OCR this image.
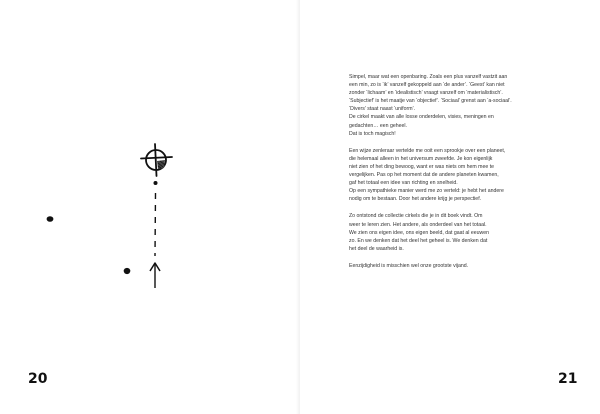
20

Simpel, maar wat een openbaring. Zoals een plus vanzelf vastzit aan
een min, zo is ‘ik’ vanzelf gekoppeld aan ‘de ander’. ‘Geest’ kan niet
zonder ‘lichaam’ en ‘idealistisch’ vraagt vanzelf om ‘materialistisch’.
‘Subjectief’ is het maatje van ‘objectief’. ‘Sociaal’ grenst aan ‘a-sociaal’.
‘Divers’ staat naast ‘uniform’.
De cirkel maakt van alle losse onderdelen, visies, meningen en
gedachten… een geheel.
Dat is toch magisch!

Een wijze zenleraar vertelde me ooit een sprookje over een planeet,
die helemaal alleen in het universum zweefde. Je kon eigenlijk
niet zien of het ding bewoog, want er was niets om hem mee te
vergelijken. Pas op het moment dat de andere planeten kwamen,
gaf het totaal een idee van richting en snelheid.
Op een sympathieke manier werd me zo verteld: je hebt het andere
nodig om te bestaan. Door het andere krijg je perspectief.

Zo ontstond de collectie cirkels die je in dit boek vindt. Om
weer te leren zien. Het andere, als onderdeel van het totaal.
We zien ons eigen idee, ons eigen beeld, dat gaat al eeuwen
zo. En we denken dat het deel het geheel is. We denken dat
het deel de waarheid is.

Eenzijdigheid is misschien wel onze grootste vijand.

21
